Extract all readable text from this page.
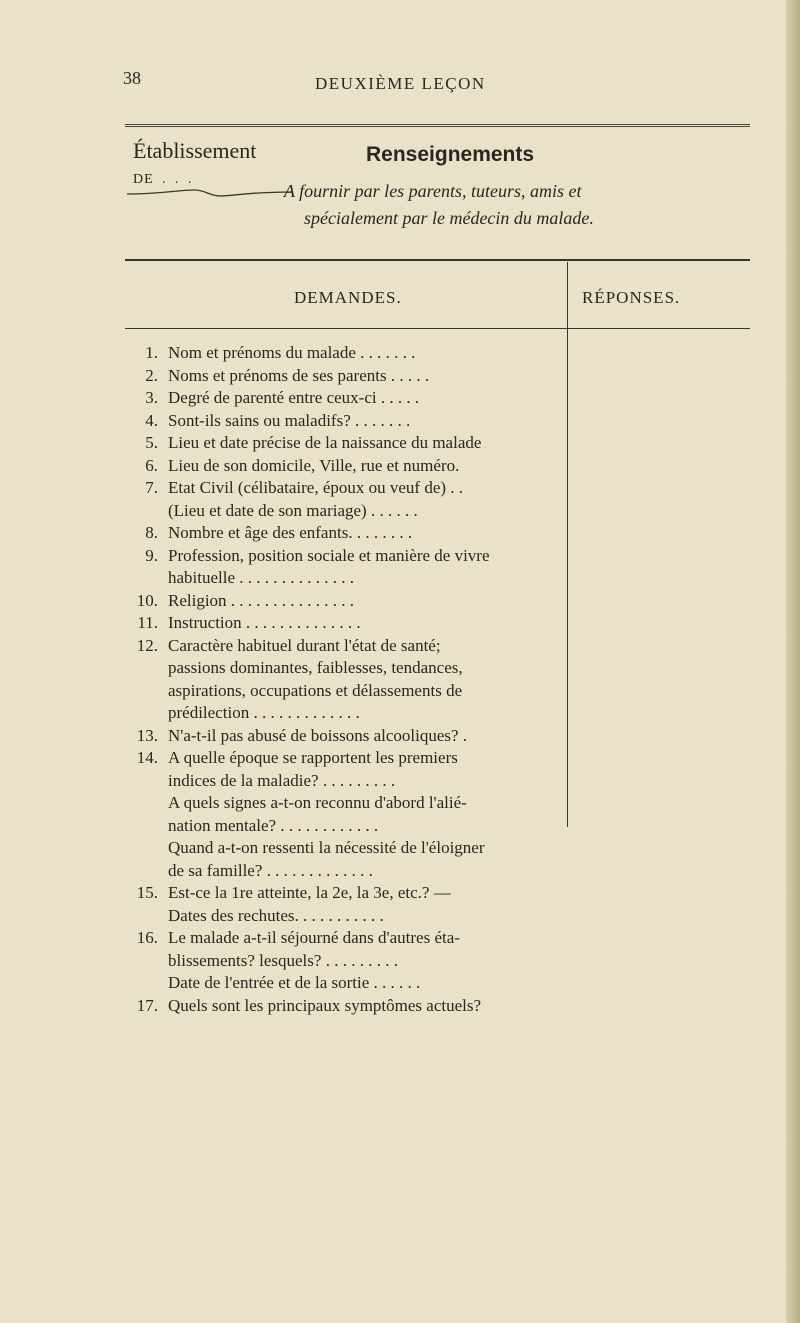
38	DEUXIÈME LEÇON
Établissement
DE . . .
Renseignements
A fournir par les parents, tuteurs, amis et
spécialement par le médecin du malade.
DEMANDES.	RÉPONSES.
1. Nom et prénoms du malade . . . . . . .
2. Noms et prénoms de ses parents . . . . .
3. Degré de parenté entre ceux-ci . . . . .
4. Sont-ils sains ou maladifs? . . . . . . .
5. Lieu et date précise de la naissance du malade
6. Lieu de son domicile, Ville, rue et numéro.
7. Etat Civil (célibataire, époux ou veuf de) . .
(Lieu et date de son mariage) . . . . . .
8. Nombre et âge des enfants. . . . . . . .
9. Profession, position sociale et manière de vivre
habituelle . . . . . . . . . . . . . .
10. Religion . . . . . . . . . . . . . . .
11. Instruction . . . . . . . . . . . . . .
12. Caractère habituel durant l'état de santé;
passions dominantes, faiblesses, tendances,
aspirations, occupations et délassements de
prédilection . . . . . . . . . . . . .
13. N'a-t-il pas abusé de boissons alcooliques? .
14. A quelle époque se rapportent les premiers
indices de la maladie? . . . . . . . . .
A quels signes a-t-on reconnu d'abord l'alié-
nation mentale? . . . . . . . . . . . .
Quand a-t-on ressenti la nécessité de l'éloigner
de sa famille? . . . . . . . . . . . . .
15. Est-ce la 1re atteinte, la 2e, la 3e, etc.? —
Dates des rechutes. . . . . . . . . . .
16. Le malade a-t-il séjourné dans d'autres éta-
blissements? lesquels? . . . . . . . . .
Date de l'entrée et de la sortie . . . . . .
17. Quels sont les principaux symptômes actuels?
